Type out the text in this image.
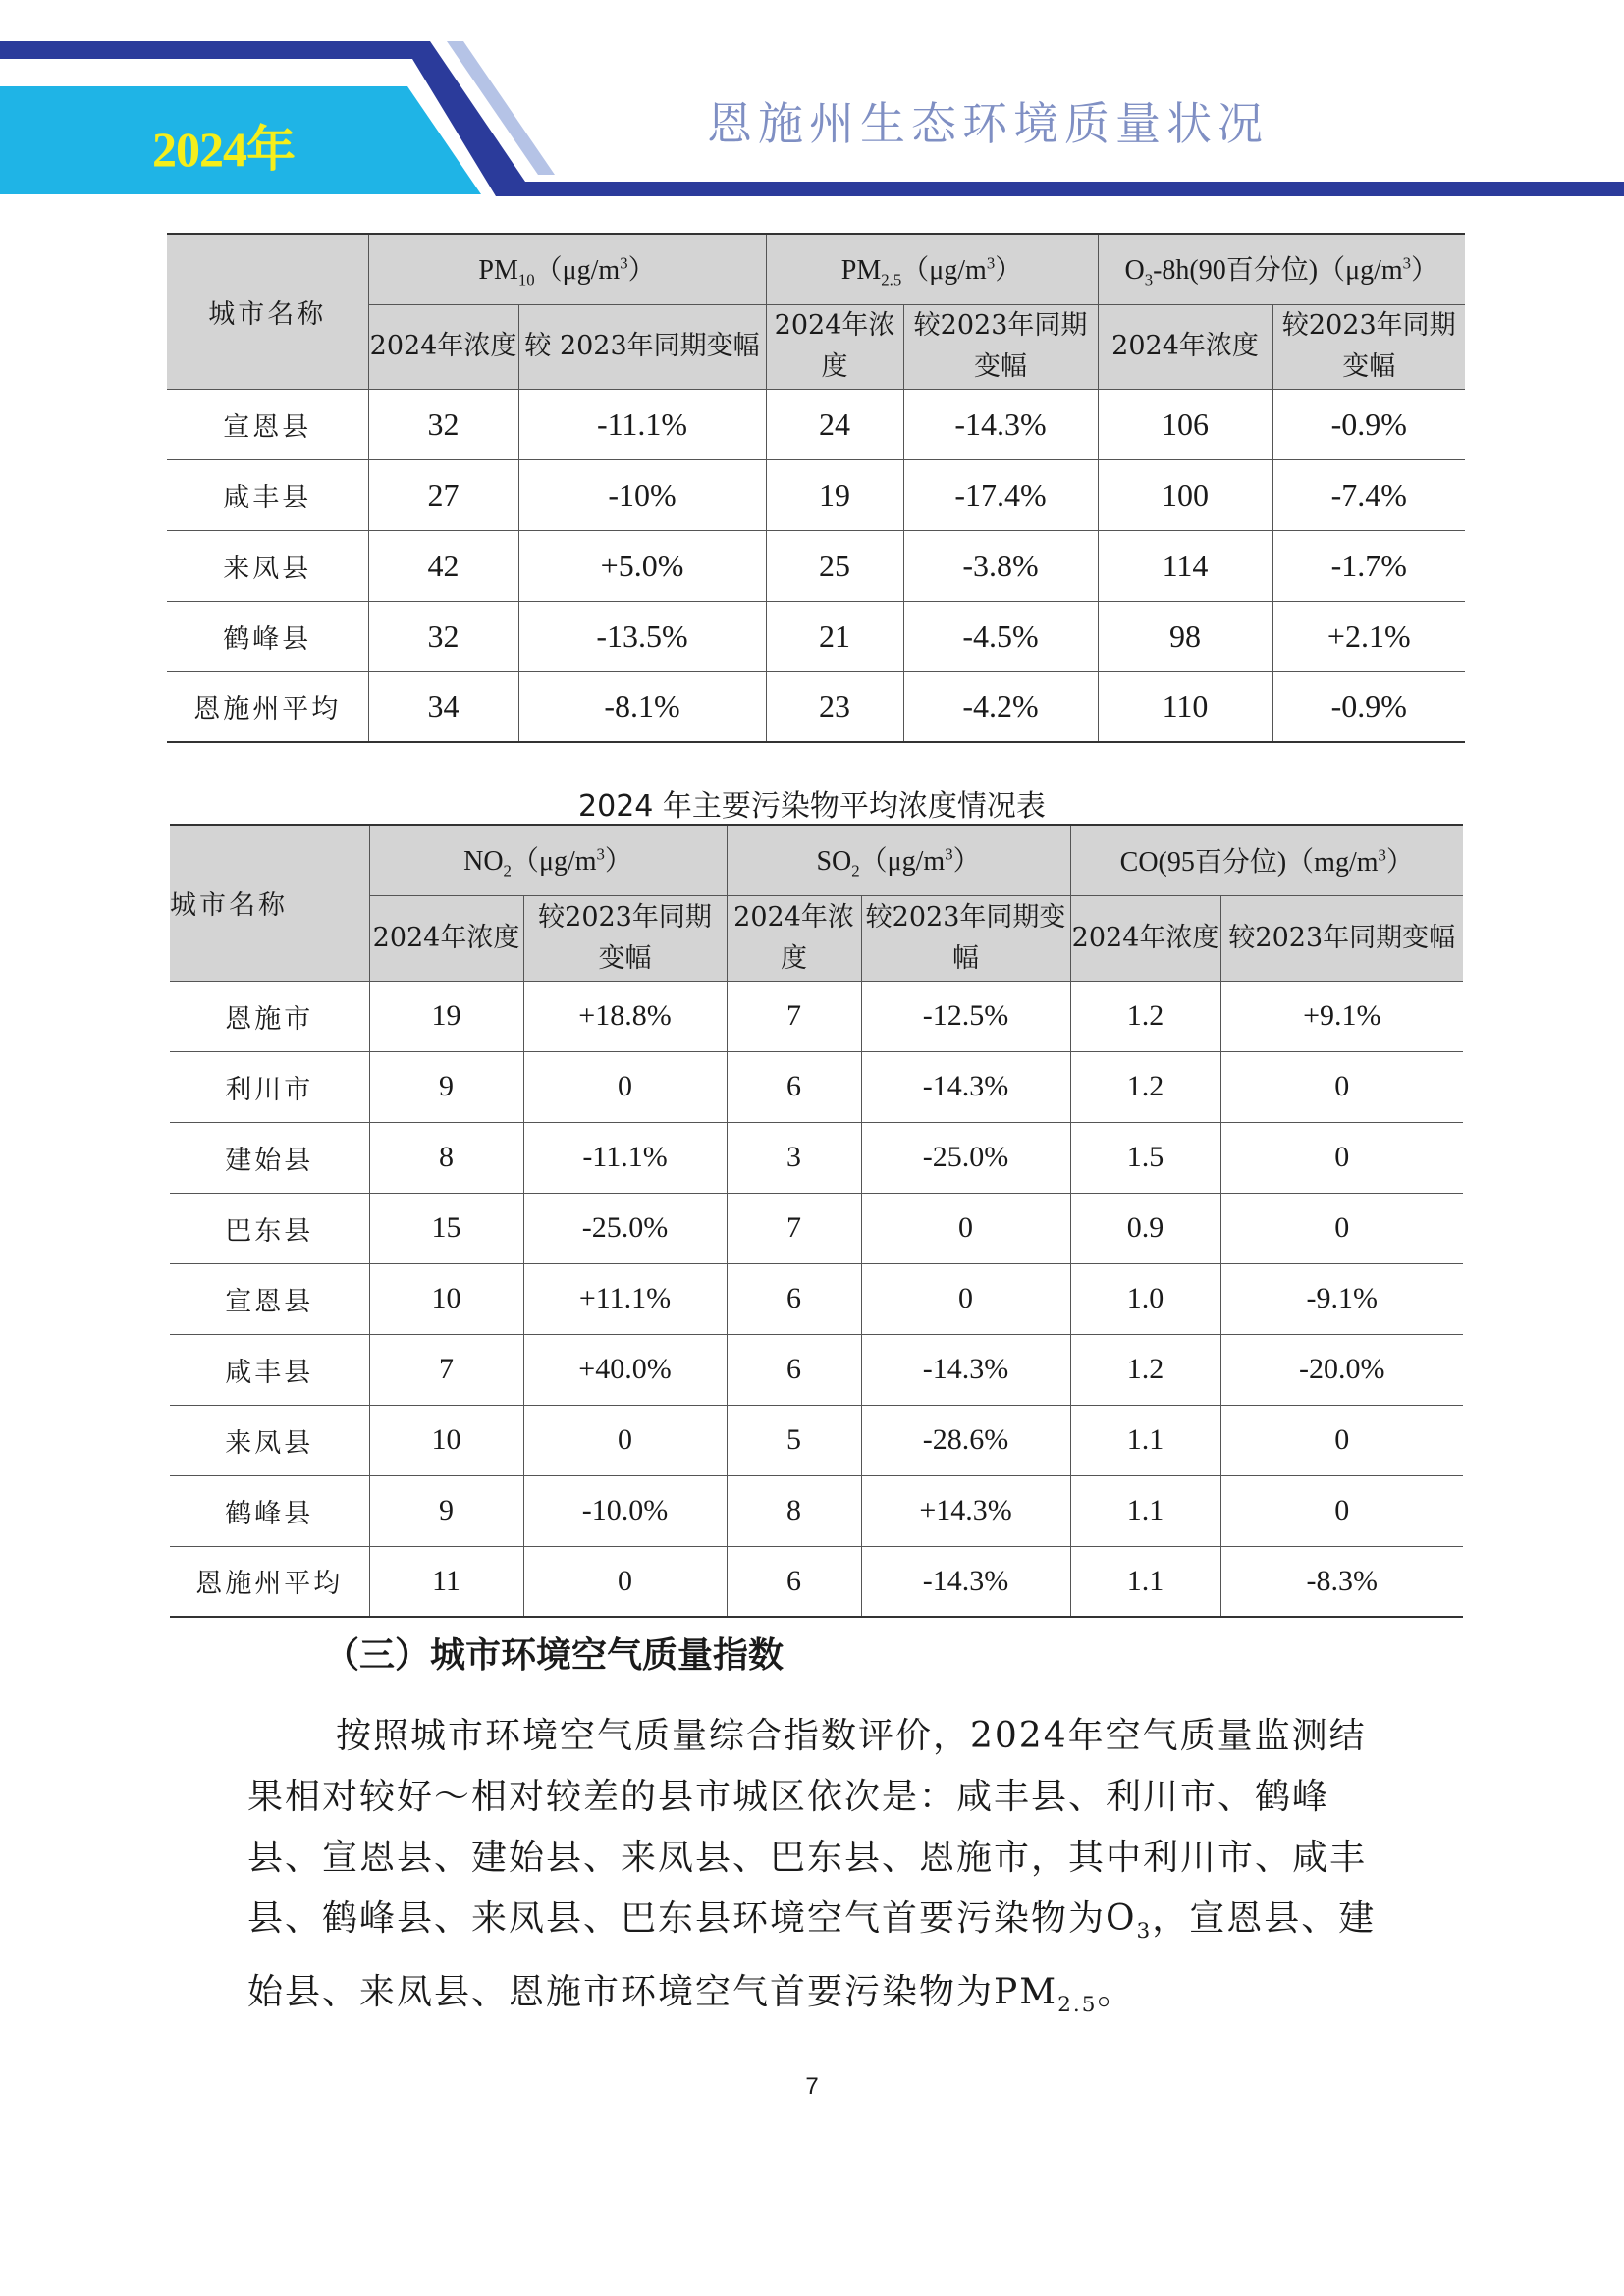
2024年	恩施州生态环境质量状况
城市名称	$PM_{10}(\mu g/m^3)$		$PM_{2.5}(\mu g/m^3)$		$O_3-8h(90$百分位)$(\mu g/m^3)$	
	2024年浓度	较 2023年同期变幅	2024年浓度	较2023年同期变幅	2024年浓度	较2023年同期变幅
宣恩县	32	-11.1%	24	-14.3%	106	-0.9%
咸丰县	27	-10%	19	-17.4%	100	-7.4%
来凤县	42	+5.0%	25	-3.8%	114	-1.7%
鹤峰县	32	-13.5%	21	-4.5%	98	+2.1%
恩施州平均	34	-8.1%	23	-4.2%	110	-0.9%
2024 年主要污染物平均浓度情况表
城市名称	$NO_2(\mu g/m^3)$		$SO_2(\mu g/m^3)$		CO(95百分位)$(mg/m^3)$	
	2024年浓度	较2023年同期 变幅	2024年浓度	较2023年同期变幅	2024年浓度	较2023年同期变幅
恩施市	19	+18.8%	7	-12.5%	1.2	+9.1%
利川市	9	0	6	-14.3%	1.2	0
建始县	8	-11.1%	3	-25.0%	1.5	0
巴东县	15	-25.0%	7	0	0.9	0
宣恩县	10	+11.1%	6	0	1.0	-9.1%
咸丰县	7	+40.0%	6	-14.3%	1.2	-20.0%
来凤县	10	0	5	-28.6%	1.1	0
鹤峰县	9	-10.0%	8	+14.3%	1.1	0
恩施州平均	11	0	6	-14.3%	1.1	-8.3%
（三）城市环境空气质量指数
按照城市环境空气质量综合指数评价，2024年空气质量监测结果相对较好～相对较差的县市城区依次是：咸丰县、利川市、鹤峰县、宣恩县、建始县、来凤县、巴东县、恩施市，其中利川市、咸丰县、鹤峰县、来凤县、巴东县环境空气首要污染物为$O_3$，宣恩县、建始县、来凤县、恩施市环境空气首要污染物为$PM_{2.5}$。
7
